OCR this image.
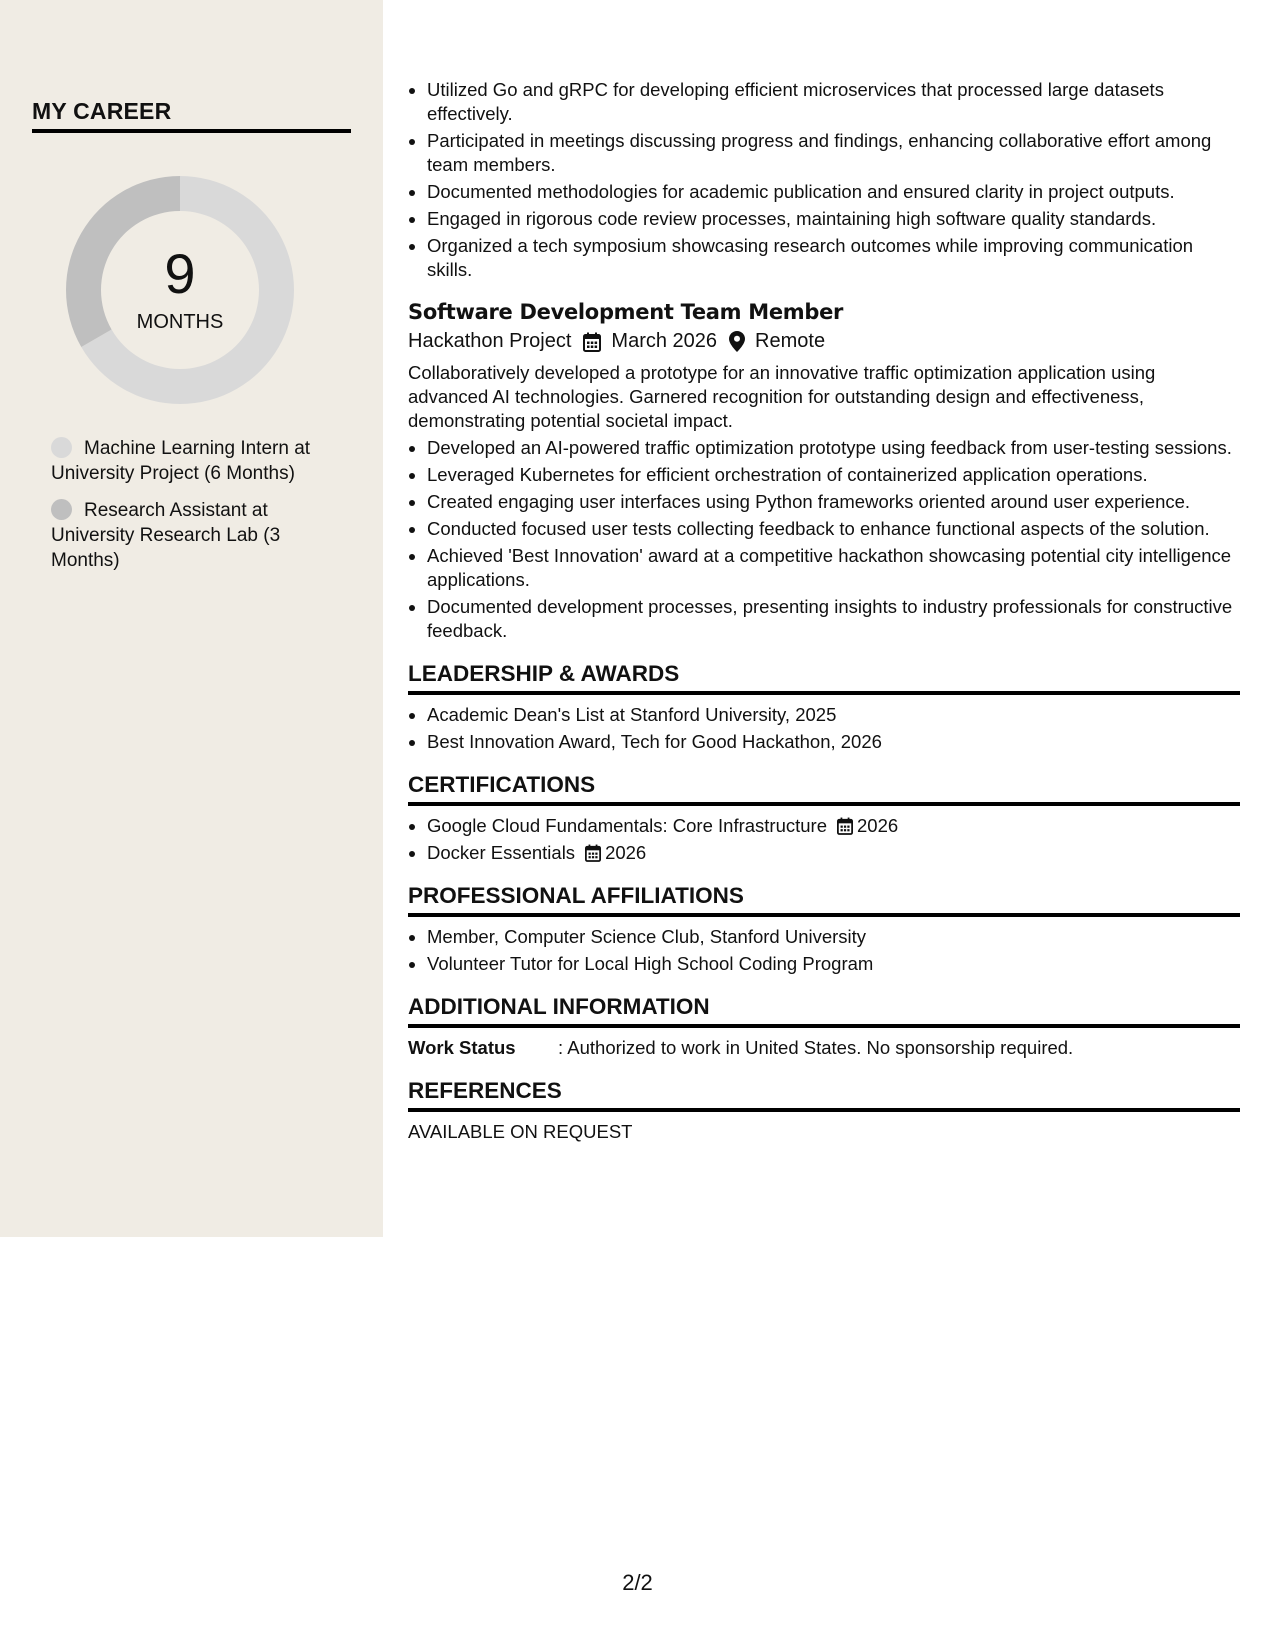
MY CAREER
9
MONTHS
Machine Learning Intern at University Project (6 Months)
Research Assistant at University Research Lab (3 Months)
• Utilized Go and gRPC for developing efficient microservices that processed large datasets effectively.
• Participated in meetings discussing progress and findings, enhancing collaborative effort among team members.
• Documented methodologies for academic publication and ensured clarity in project outputs.
• Engaged in rigorous code review processes, maintaining high software quality standards.
• Organized a tech symposium showcasing research outcomes while improving communication skills.
Software Development Team Member
Hackathon Project March 2026 Remote
Collaboratively developed a prototype for an innovative traffic optimization application using advanced AI technologies. Garnered recognition for outstanding design and effectiveness, demonstrating potential societal impact.
• Developed an AI-powered traffic optimization prototype using feedback from user-testing sessions.
• Leveraged Kubernetes for efficient orchestration of containerized application operations.
• Created engaging user interfaces using Python frameworks oriented around user experience.
• Conducted focused user tests collecting feedback to enhance functional aspects of the solution.
• Achieved 'Best Innovation' award at a competitive hackathon showcasing potential city intelligence applications.
• Documented development processes, presenting insights to industry professionals for constructive feedback.
LEADERSHIP & AWARDS
• Academic Dean's List at Stanford University, 2025
• Best Innovation Award, Tech for Good Hackathon, 2026
CERTIFICATIONS
• Google Cloud Fundamentals: Core Infrastructure 2026
• Docker Essentials 2026
PROFESSIONAL AFFILIATIONS
• Member, Computer Science Club, Stanford University
• Volunteer Tutor for Local High School Coding Program
ADDITIONAL INFORMATION
Work Status	: Authorized to work in United States. No sponsorship required.
REFERENCES
AVAILABLE ON REQUEST
2/2
